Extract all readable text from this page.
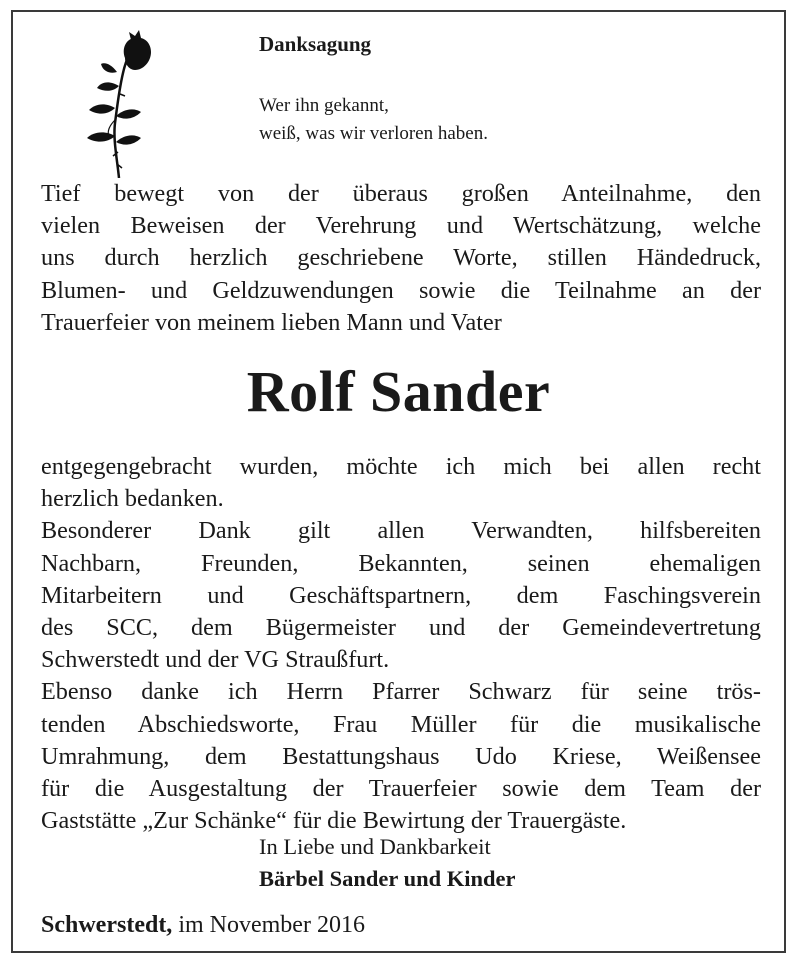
Danksagung
Wer ihn gekannt,
weiß, was wir verloren haben.
Tief bewegt von der überaus großen Anteilnahme, den
vielen Beweisen der Verehrung und Wertschätzung, welche
uns durch herzlich geschriebene Worte, stillen Händedruck,
Blumen- und Geldzuwendungen sowie die Teilnahme an der
Trauerfeier von meinem lieben Mann und Vater
Rolf Sander
entgegengebracht wurden, möchte ich mich bei allen recht
herzlich bedanken.
Besonderer Dank gilt allen Verwandten, hilfsbereiten
Nachbarn, Freunden, Bekannten, seinen ehemaligen
Mitarbeitern und Geschäftspartnern, dem Faschingsverein
des SCC, dem Bügermeister und der Gemeindevertretung
Schwerstedt und der VG Straußfurt.
Ebenso danke ich Herrn Pfarrer Schwarz für seine trös-
tenden Abschiedsworte, Frau Müller für die musikalische
Umrahmung, dem Bestattungshaus Udo Kriese, Weißensee
für die Ausgestaltung der Trauerfeier sowie dem Team der
Gaststätte „Zur Schänke“ für die Bewirtung der Trauergäste.
In Liebe und Dankbarkeit
Bärbel Sander und Kinder
Schwerstedt, im November 2016
